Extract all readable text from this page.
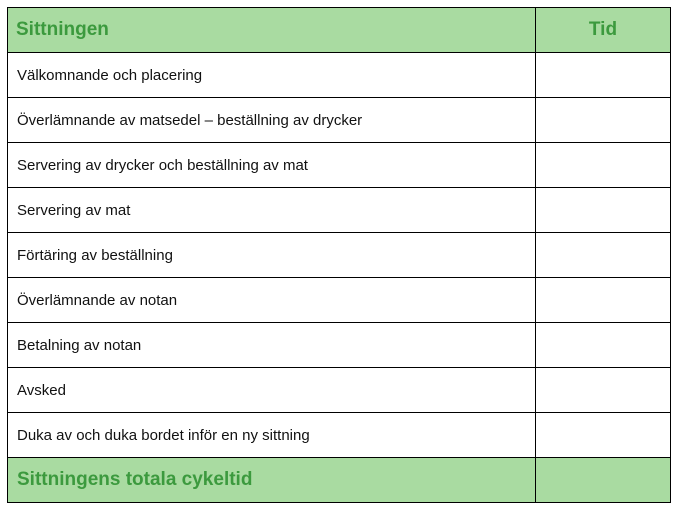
Sittningen	Tid
Välkomnande och placering	
Överlämnande av matsedel – beställning av drycker	
Servering av drycker och beställning av mat	
Servering av mat	
Förtäring av beställning	
Överlämnande av notan	
Betalning av notan	
Avsked	
Duka av och duka bordet inför en ny sittning	
Sittningens totala cykeltid	
